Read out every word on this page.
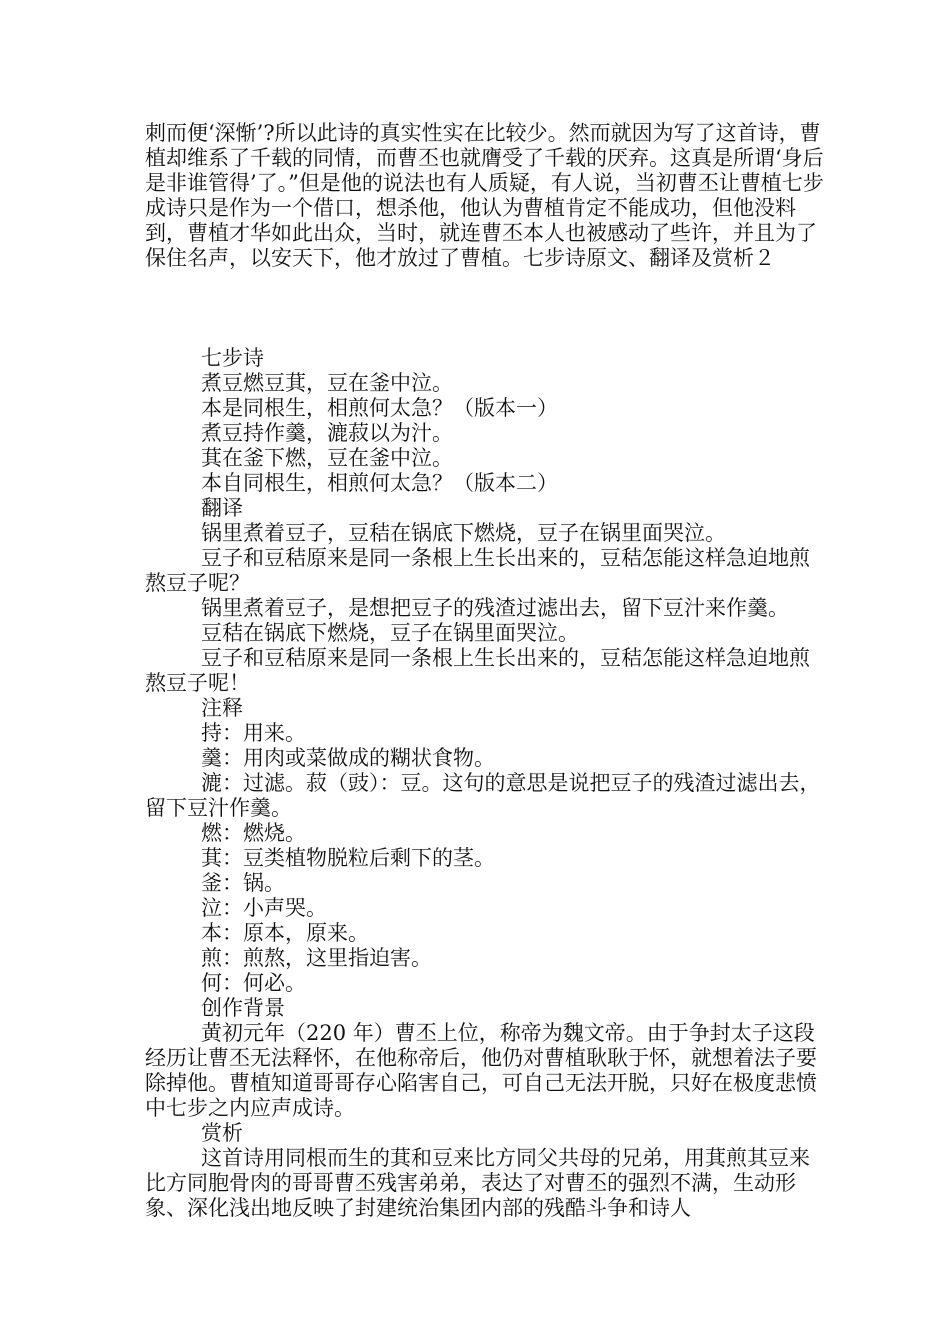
刺而便‘深惭’?所以此诗的真实性实在比较少。然而就因为写了这首诗，曹植却维系了千载的同情，而曹丕也就膺受了千载的厌弃。这真是所谓‘身后是非谁管得’了。”但是他的说法也有人质疑，有人说，当初曹丕让曹植七步成诗只是作为一个借口，想杀他，他认为曹植肯定不能成功，但他没料到，曹植才华如此出众，当时，就连曹丕本人也被感动了些许，并且为了保住名声，以安天下，他才放过了曹植。七步诗原文、翻译及赏析２

七步诗

煮豆燃豆萁，豆在釜中泣。

本是同根生，相煎何太急？（版本一）

煮豆持作羹，漉菽以为汁。

萁在釜下燃，豆在釜中泣。

本自同根生，相煎何太急？（版本二）

翻译

锅里煮着豆子，豆秸在锅底下燃烧，豆子在锅里面哭泣。

豆子和豆秸原来是同一条根上生长出来的，豆秸怎能这样急迫地煎熬豆子呢？

锅里煮着豆子，是想把豆子的残渣过滤出去，留下豆汁来作羹。

豆秸在锅底下燃烧，豆子在锅里面哭泣。

豆子和豆秸原来是同一条根上生长出来的，豆秸怎能这样急迫地煎熬豆子呢！

注释

持：用来。

羹：用肉或菜做成的糊状食物。

漉：过滤。菽（豉）：豆。这句的意思是说把豆子的残渣过滤出去，留下豆汁作羹。

燃：燃烧。

萁：豆类植物脱粒后剩下的茎。

釜：锅。

泣：小声哭。

本：原本，原来。

煎：煎熬，这里指迫害。

何：何必。

创作背景

黄初元年（220 年）曹丕上位，称帝为魏文帝。由于争封太子这段经历让曹丕无法释怀，在他称帝后，他仍对曹植耿耿于怀，就想着法子要除掉他。曹植知道哥哥存心陷害自己，可自己无法开脱，只好在极度悲愤中七步之内应声成诗。

赏析

这首诗用同根而生的萁和豆来比方同父共母的兄弟，用萁煎其豆来比方同胞骨肉的哥哥曹丕残害弟弟，表达了对曹丕的强烈不满，生动形象、深化浅出地反映了封建统治集团内部的残酷斗争和诗人
